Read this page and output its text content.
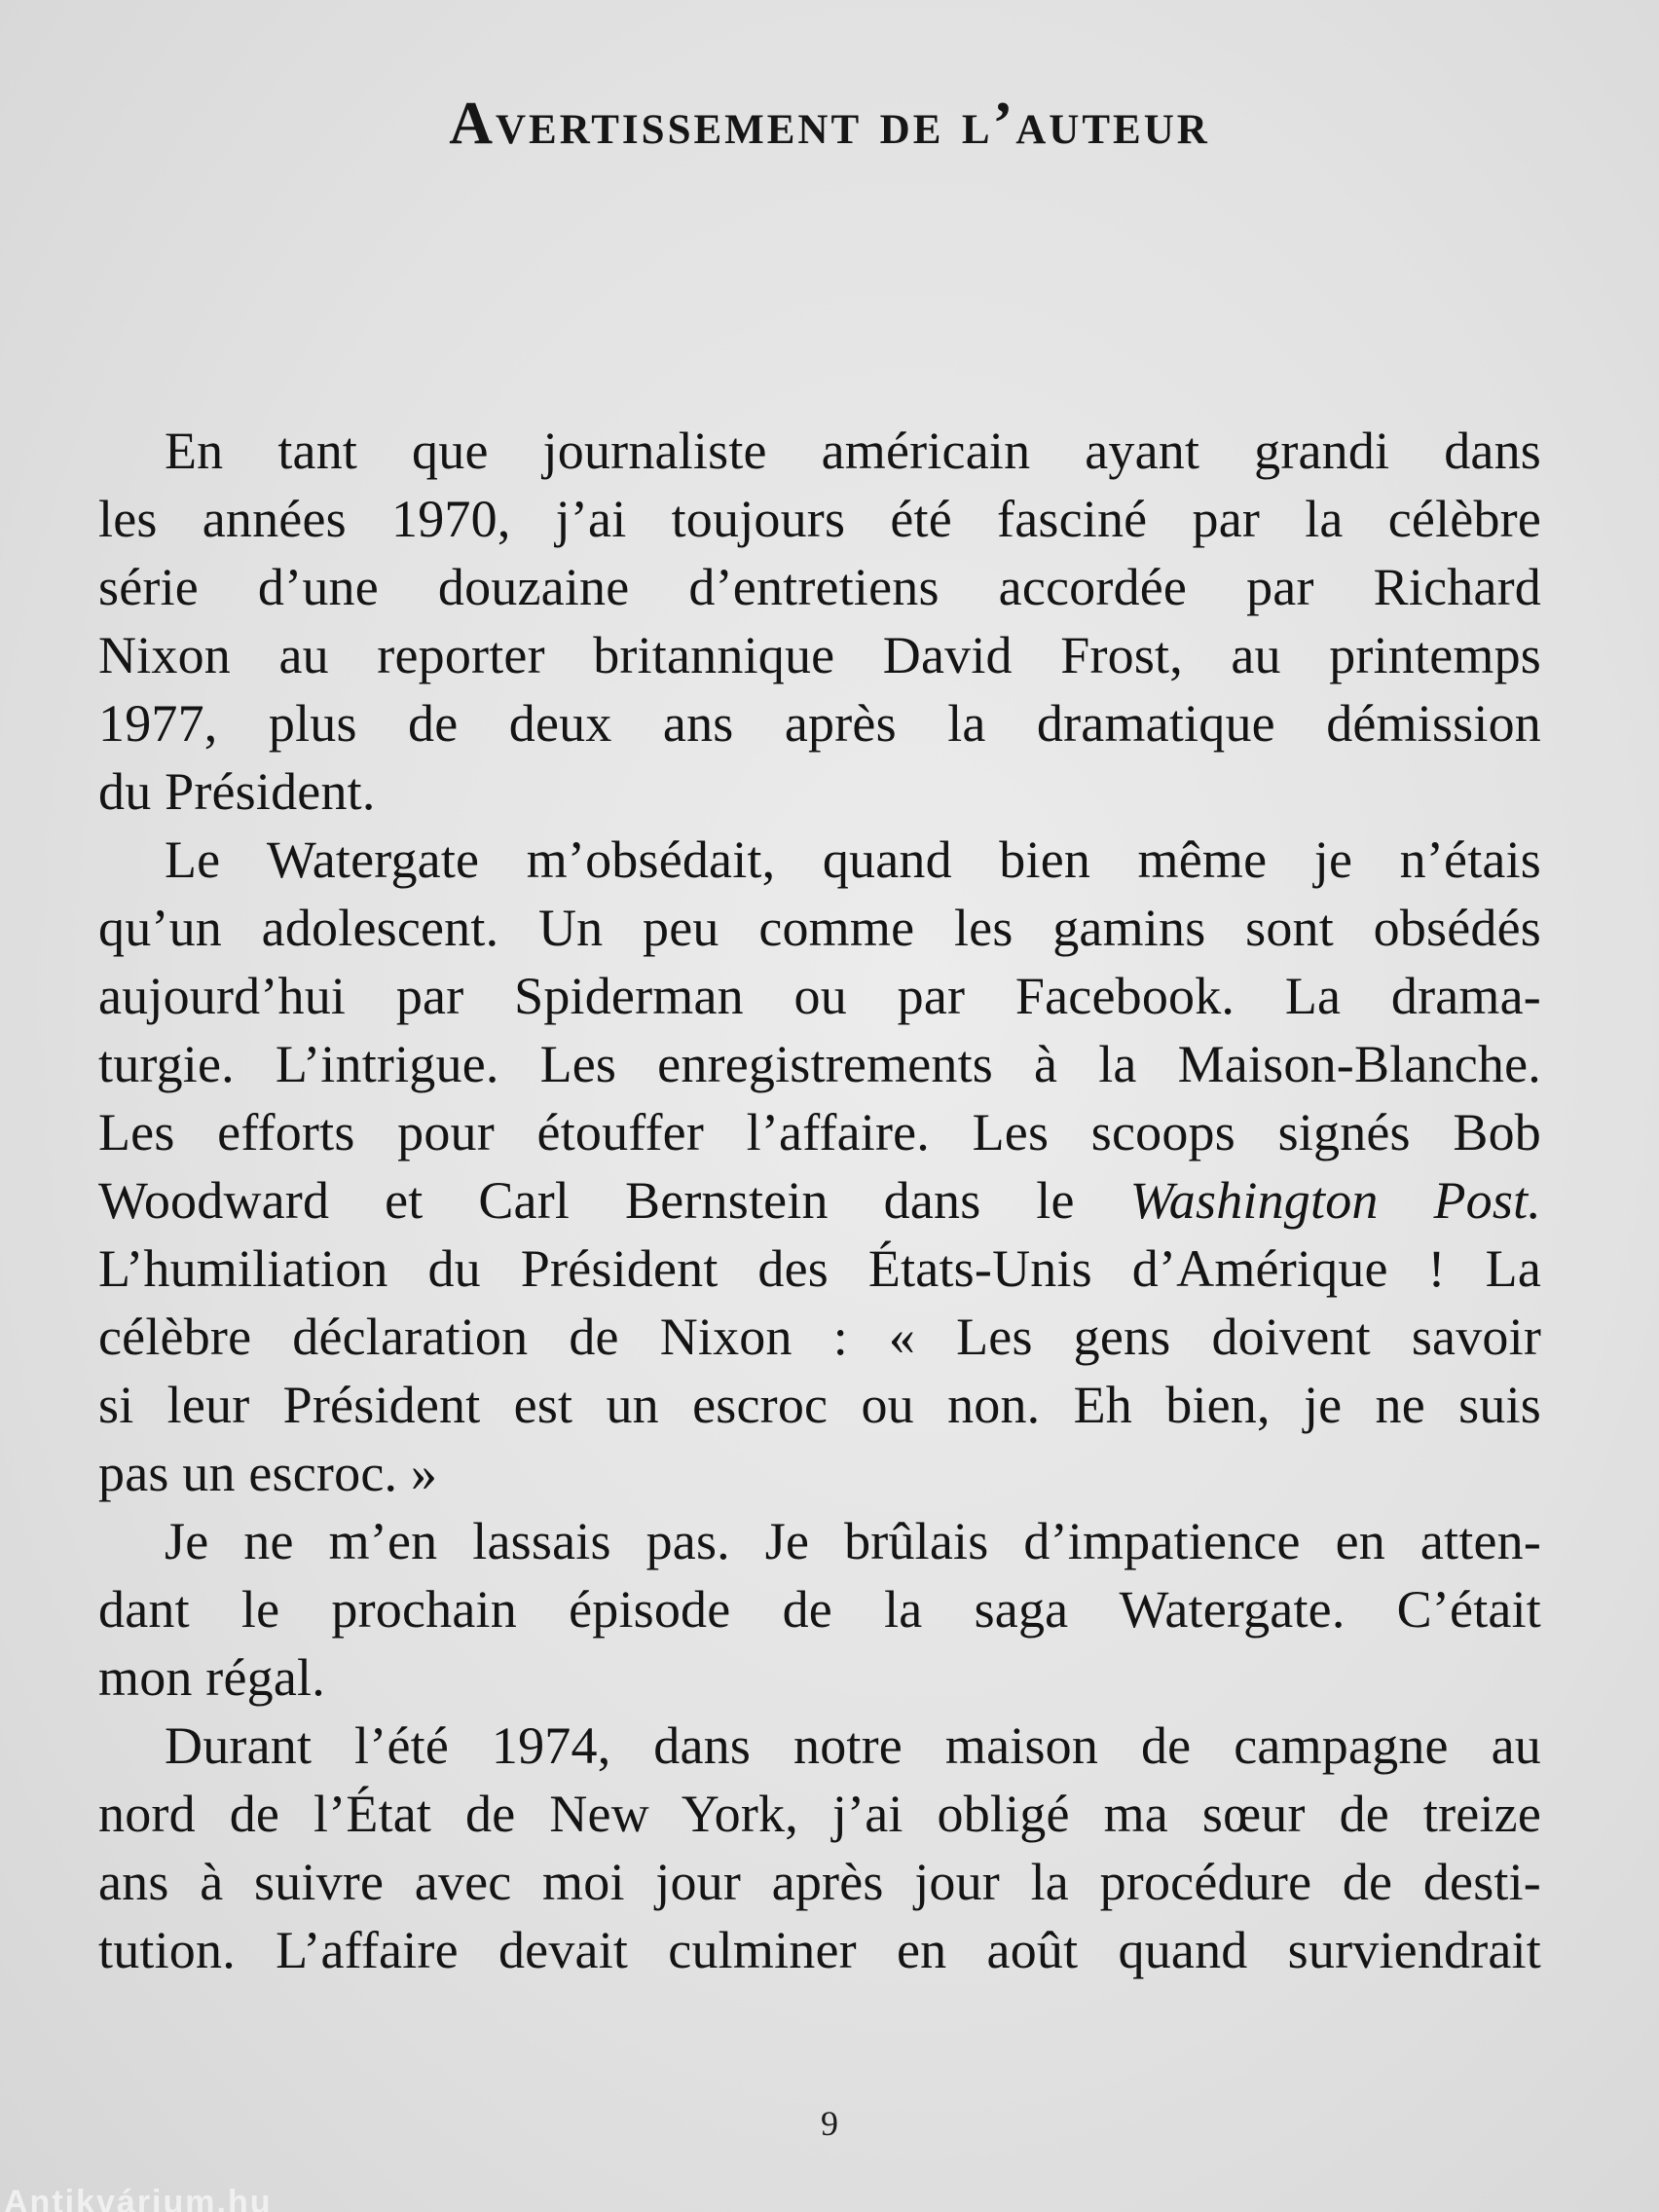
Avertissement de l’auteur
En tant que journaliste américain ayant grandi dans
les années 1970, j’ai toujours été fasciné par la célèbre
série d’une douzaine d’entretiens accordée par Richard
Nixon au reporter britannique David Frost, au printemps
1977, plus de deux ans après la dramatique démission
du Président.
Le Watergate m’obsédait, quand bien même je n’étais
qu’un adolescent. Un peu comme les gamins sont obsédés
aujourd’hui par Spiderman ou par Facebook. La drama-
turgie. L’intrigue. Les enregistrements à la Maison-Blanche.
Les efforts pour étouffer l’affaire. Les scoops signés Bob
Woodward et Carl Bernstein dans le Washington Post.
L’humiliation du Président des États-Unis d’Amérique ! La
célèbre déclaration de Nixon : « Les gens doivent savoir
si leur Président est un escroc ou non. Eh bien, je ne suis
pas un escroc. »
Je ne m’en lassais pas. Je brûlais d’impatience en atten-
dant le prochain épisode de la saga Watergate. C’était
mon régal.
Durant l’été 1974, dans notre maison de campagne au
nord de l’État de New York, j’ai obligé ma sœur de treize
ans à suivre avec moi jour après jour la procédure de desti-
tution. L’affaire devait culminer en août quand surviendrait
9
Antikvárium.hu
